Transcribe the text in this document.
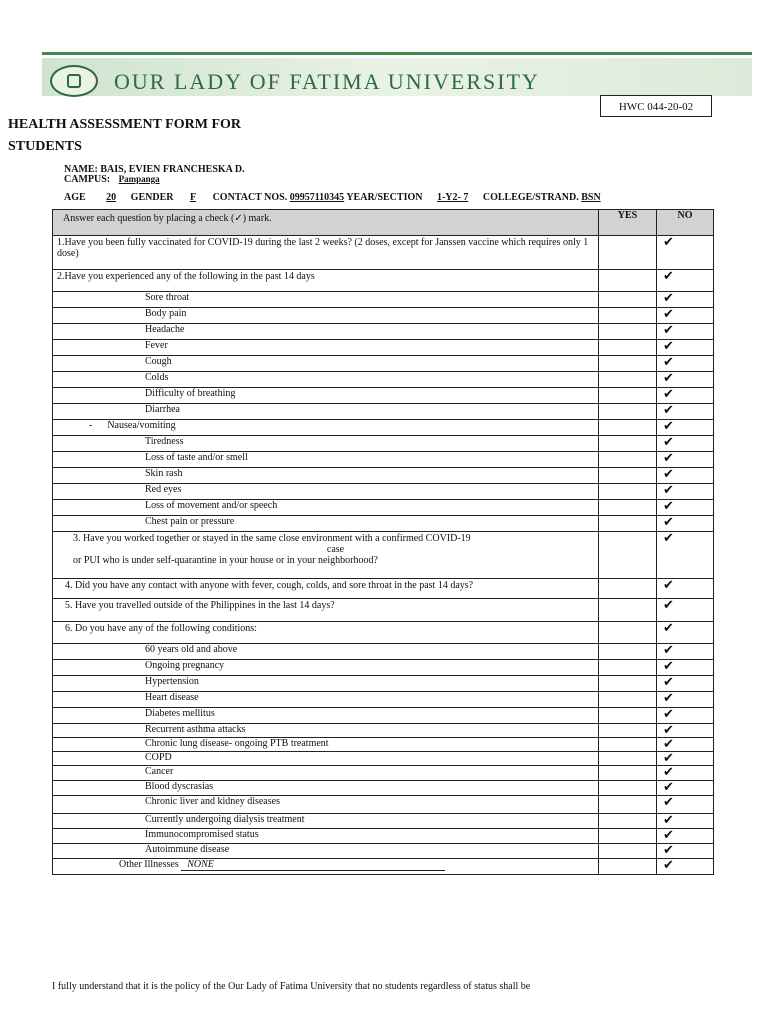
OUR LADY OF FATIMA UNIVERSITY
HWC 044-20-02
HEALTH ASSESSMENT FORM FOR
STUDENTS
NAME: BAIS, EVIEN FRANCHESKA D.
CAMPUS: Pampanga
AGE 20 GENDER F CONTACT NOS. 09957110345 YEAR/SECTION 1-Y2- 7 COLLEGE/STRAND. BSN
Answer each question by placing a check (✓) mark.	YES	NO
1.Have you been fully vaccinated for COVID-19 during the last 2 weeks? (2 doses, except for Janssen vaccine which requires only 1 dose)		✔
2.Have you experienced any of the following in the past 14 days		✔
Sore throat		✔
Body pain		✔
Headache		✔
Fever		✔
Cough		✔
Colds		✔
Difficulty of breathing		✔
Diarrhea		✔
-      Nausea/vomiting		✔
Tiredness		✔
Loss of taste and/or smell		✔
Skin rash		✔
Red eyes		✔
Loss of movement and/or speech		✔
Chest pain or pressure		✔

3. Have you worked together or stayed in the same close environment with a confirmed COVID-19
case
or PUI who is under self-quarantine in your house or in your neighborhood?		✔
4. Did you have any contact with anyone with fever, cough, colds, and sore throat in the past 14 days?		✔
5. Have you travelled outside of the Philippines in the last 14 days?		✔
6. Do you have any of the following conditions:		✔
60 years old and above		✔
Ongoing pregnancy		✔
Hypertension		✔
Heart disease		✔
Diabetes mellitus		✔
Recurrent asthma attacks		✔
Chronic lung disease- ongoing PTB treatment		✔
COPD		✔
Cancer		✔
Blood dyscrasias		✔
Chronic liver and kidney diseases		✔
Currently undergoing dialysis treatment		✔
Immunocompromised status		✔
Autoimmune disease		✔
Other Illnesses NONE		✔
I fully understand that it is the policy of the Our Lady of Fatima University that no students regardless of status shall be
